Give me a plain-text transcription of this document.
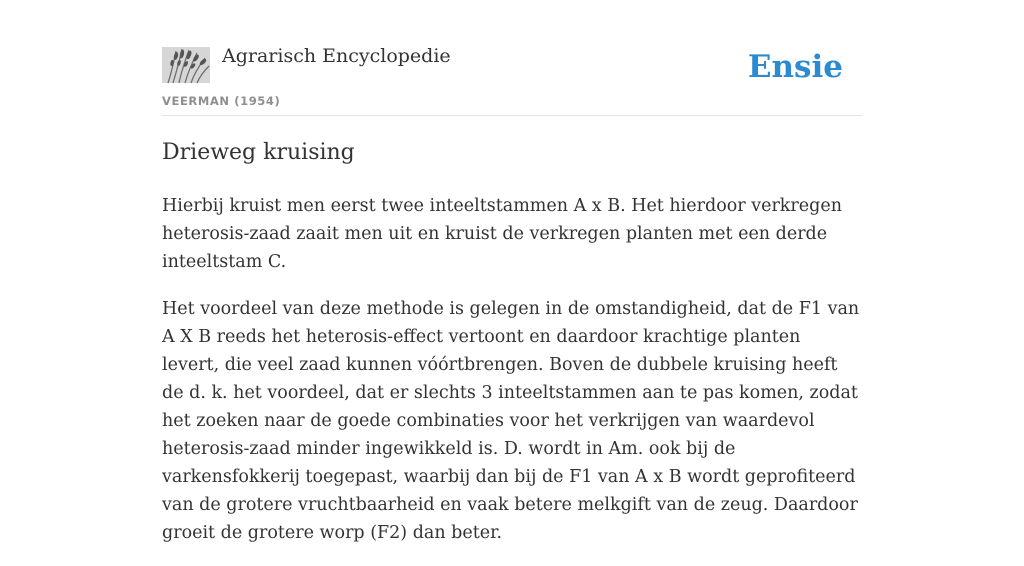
Agrarisch Encyclopedie
VEERMAN (1954)
Ensie
Drieweg kruising

Hierbij kruist men eerst twee inteeltstammen A x B. Het hierdoor verkregen heterosis-zaad zaait men uit en kruist de verkregen planten met een derde inteeltstam C.

Het voordeel van deze methode is gelegen in de omstandigheid, dat de F1 van A X B reeds het heterosis-effect vertoont en daardoor krachtige planten levert, die veel zaad kunnen vóórtbrengen. Boven de dubbele kruising heeft de d. k. het voordeel, dat er slechts 3 inteeltstammen aan te pas komen, zodat het zoeken naar de goede combinaties voor het verkrijgen van waardevol heterosis-zaad minder ingewikkeld is. D. wordt in Am. ook bij de varkensfokkerij toegepast, waarbij dan bij de F1 van A x B wordt geprofiteerd van de grotere vruchtbaarheid en vaak betere melkgift van de zeug. Daardoor groeit de grotere worp (F2) dan beter.
